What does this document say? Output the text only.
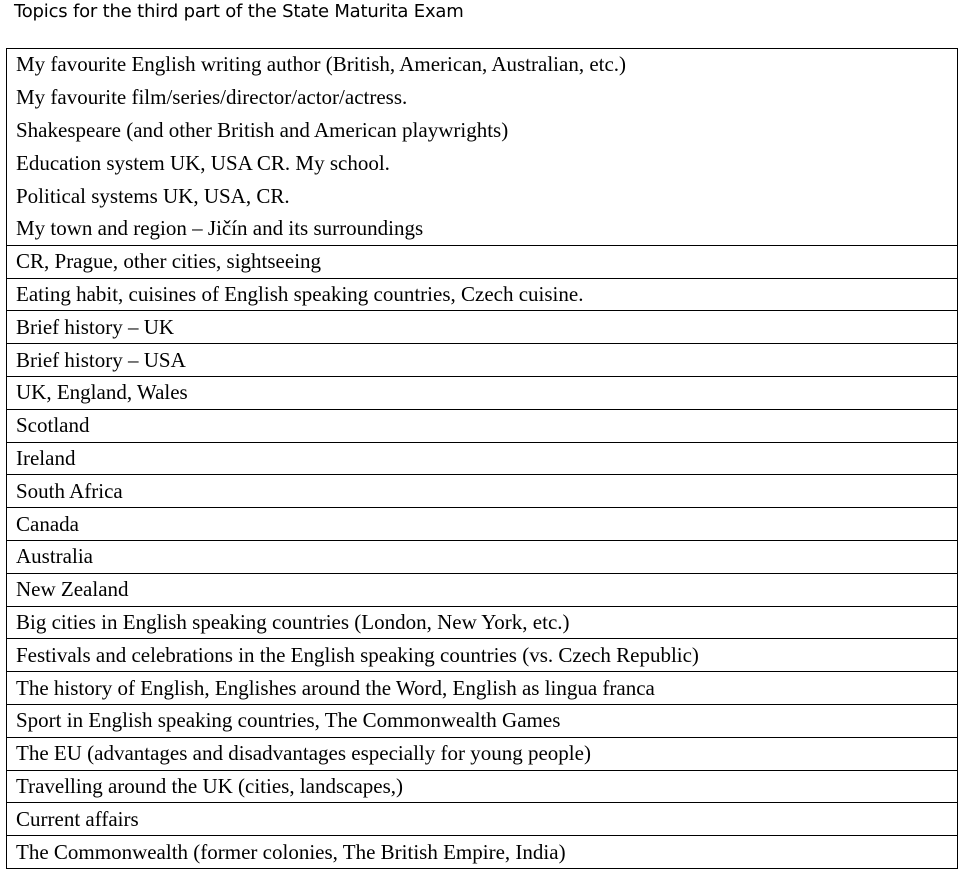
Topics for the third part of the State Maturita Exam
My favourite English writing author (British, American, Australian, etc.)
My favourite film/series/director/actor/actress.
Shakespeare (and other British and American playwrights)
Education system UK, USA CR. My school.
Political systems UK, USA, CR.
My town and region – Jičín and its surroundings
CR, Prague, other cities, sightseeing
Eating habit, cuisines of English speaking countries, Czech cuisine.
Brief history – UK
Brief history – USA
UK, England, Wales
Scotland
Ireland
South Africa
Canada
Australia
New Zealand
Big cities in English speaking countries (London, New York, etc.)
Festivals and celebrations in the English speaking countries (vs. Czech Republic)
The history of English, Englishes around the Word, English as lingua franca
Sport in English speaking countries, The Commonwealth Games
The EU (advantages and disadvantages especially for young people)
Travelling around the UK (cities, landscapes,)
Current affairs
The Commonwealth (former colonies, The British Empire, India)
